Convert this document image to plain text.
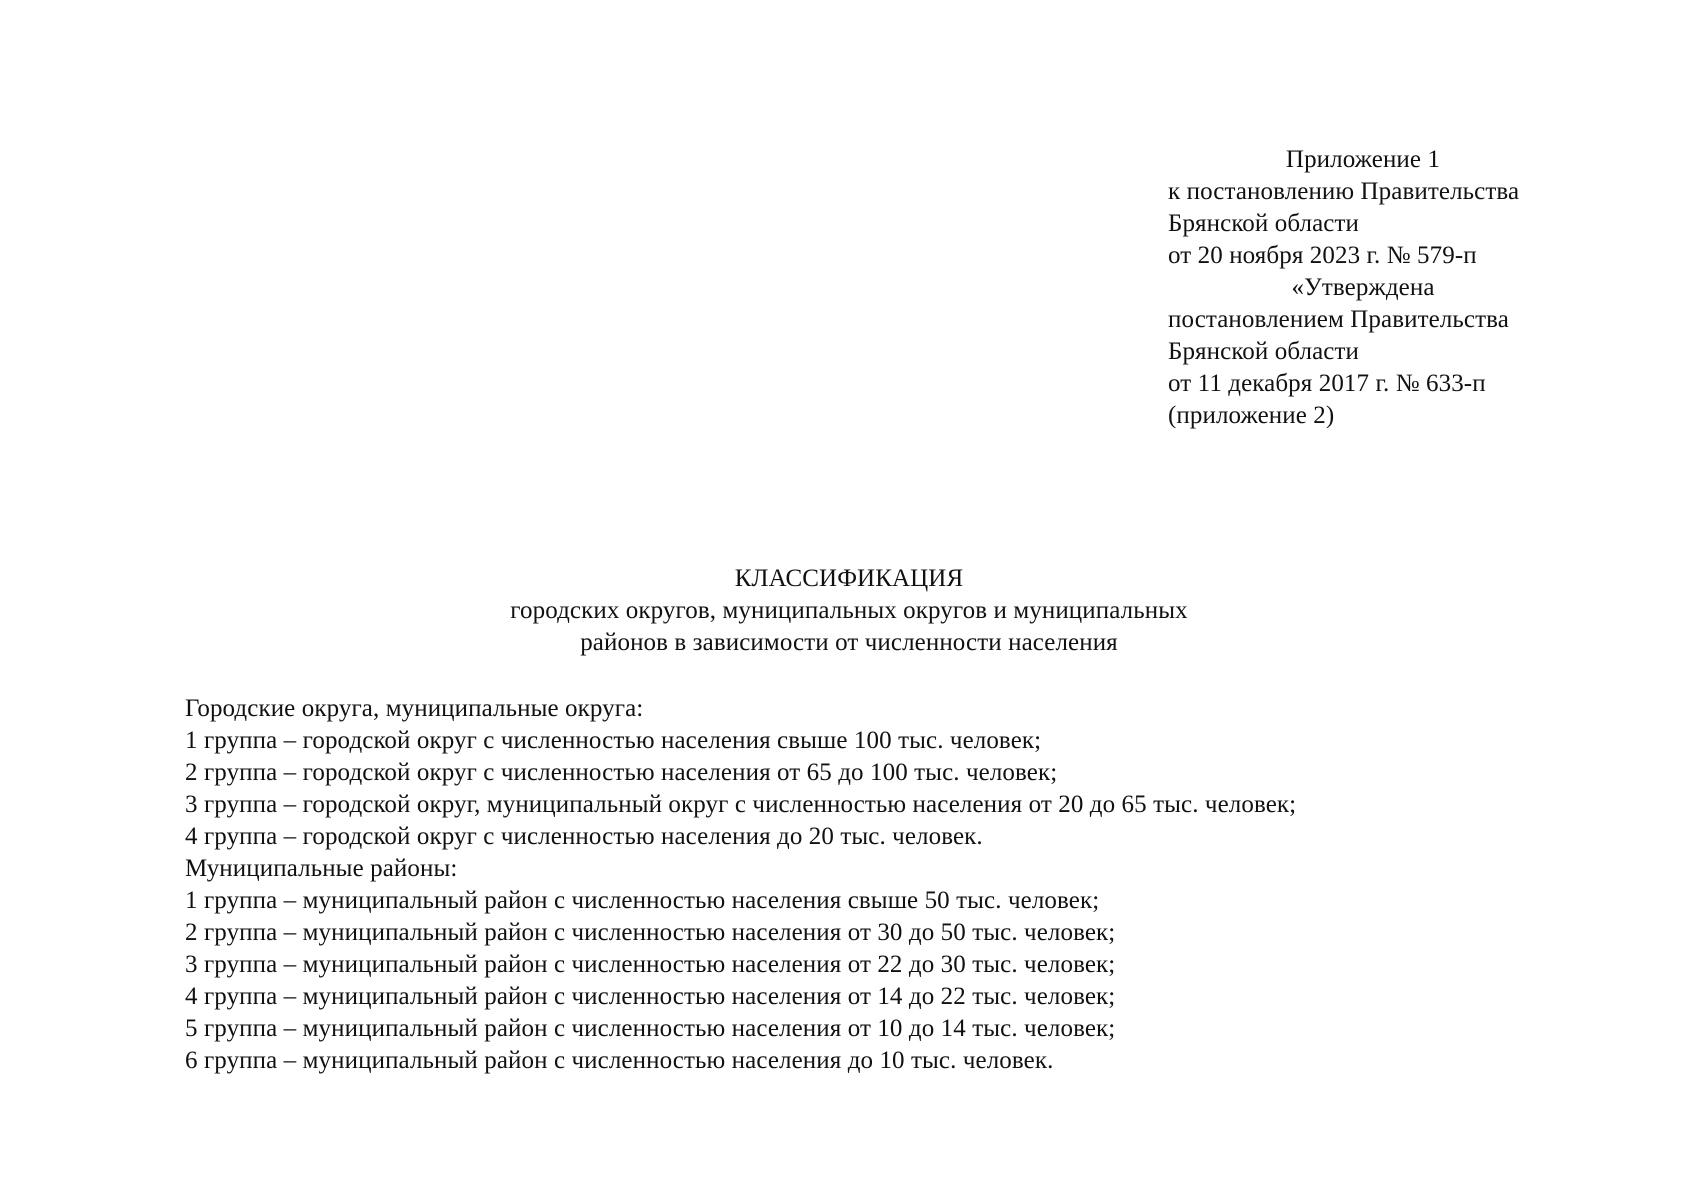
Приложение 1
к постановлению Правительства
Брянской области
от 20 ноября 2023 г. № 579-п
«Утверждена
постановлением Правительства
Брянской области
от 11 декабря 2017 г. № 633-п
(приложение 2)
КЛАССИФИКАЦИЯ
городских округов, муниципальных округов и муниципальных
районов в зависимости от численности населения
Городские округа, муниципальные округа:
1 группа – городской округ с численностью населения свыше 100 тыс. человек;
2 группа – городской округ с численностью населения от 65 до 100 тыс. человек;
3 группа – городской округ, муниципальный округ с численностью населения от 20 до 65 тыс. человек;
4 группа – городской округ с численностью населения до 20 тыс. человек.
Муниципальные районы:
1 группа – муниципальный район с численностью населения свыше 50 тыс. человек;
2 группа – муниципальный район с численностью населения от 30 до 50 тыс. человек;
3 группа – муниципальный район с численностью населения от 22 до 30 тыс. человек;
4 группа – муниципальный район с численностью населения от 14 до 22 тыс. человек;
5 группа – муниципальный район с численностью населения от 10 до 14 тыс. человек;
6 группа – муниципальный район с численностью населения до 10 тыс. человек.
